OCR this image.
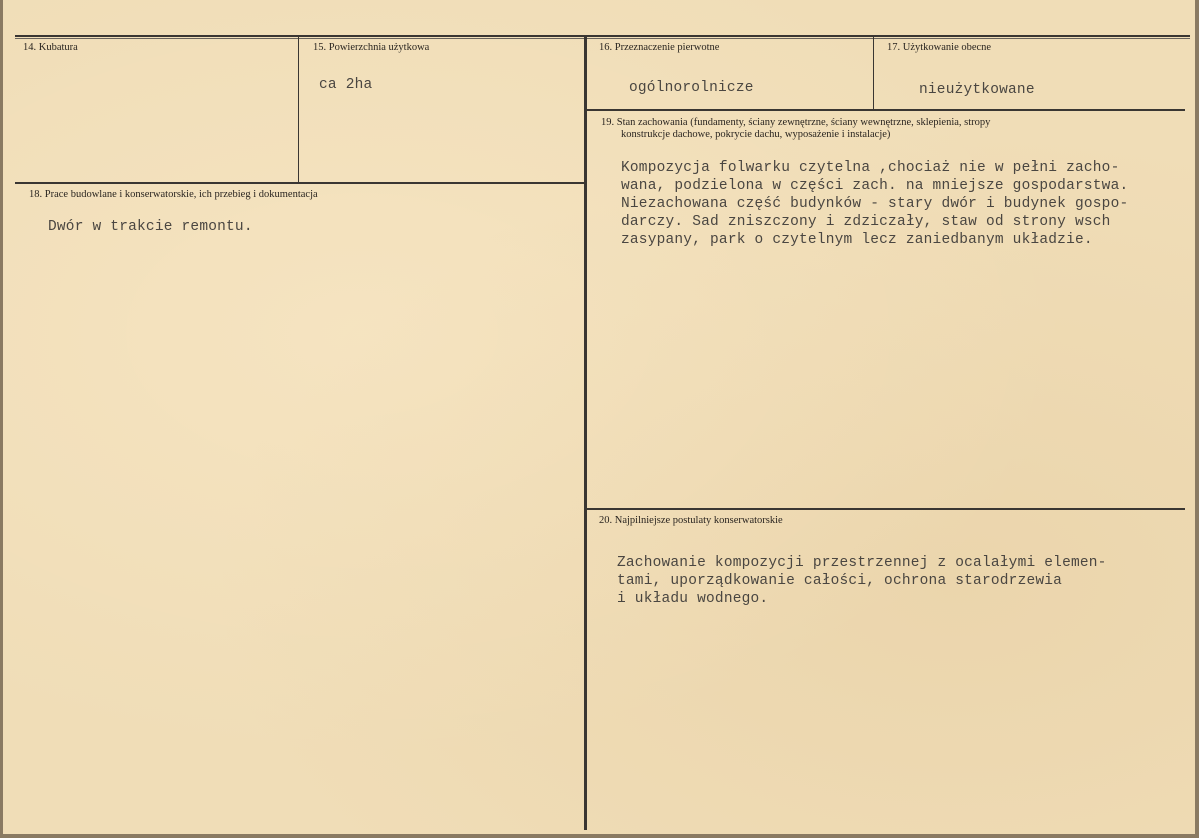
14. Kubatura	15. Powierzchnia użytkowa
ca 2ha
16. Przeznaczenie pierwotne
ogólnorolnicze
17. Użytkowanie obecne
nieużytkowane
18. Prace budowlane i konserwatorskie, ich przebieg i dokumentacja
Dwór w trakcie remontu.
19. Stan zachowania (fundamenty, ściany zewnętrzne, ściany wewnętrzne, sklepienia, stropy
konstrukcje dachowe, pokrycie dachu, wyposażenie i instalacje)
Kompozycja folwarku czytelna ,chociaż nie w pełni zacho-
wana, podzielona w części zach. na mniejsze gospodarstwa.
Niezachowana część budynków - stary dwór i budynek gospo-
darczy. Sad zniszczony i zdziczały, staw od strony wsch
zasypany, park o czytelnym lecz zaniedbanym układzie.
20. Najpilniejsze postulaty konserwatorskie
Zachowanie kompozycji przestrzennej z ocalałymi elemen-
tami, uporządkowanie całości, ochrona starodrzewia
i układu wodnego.
